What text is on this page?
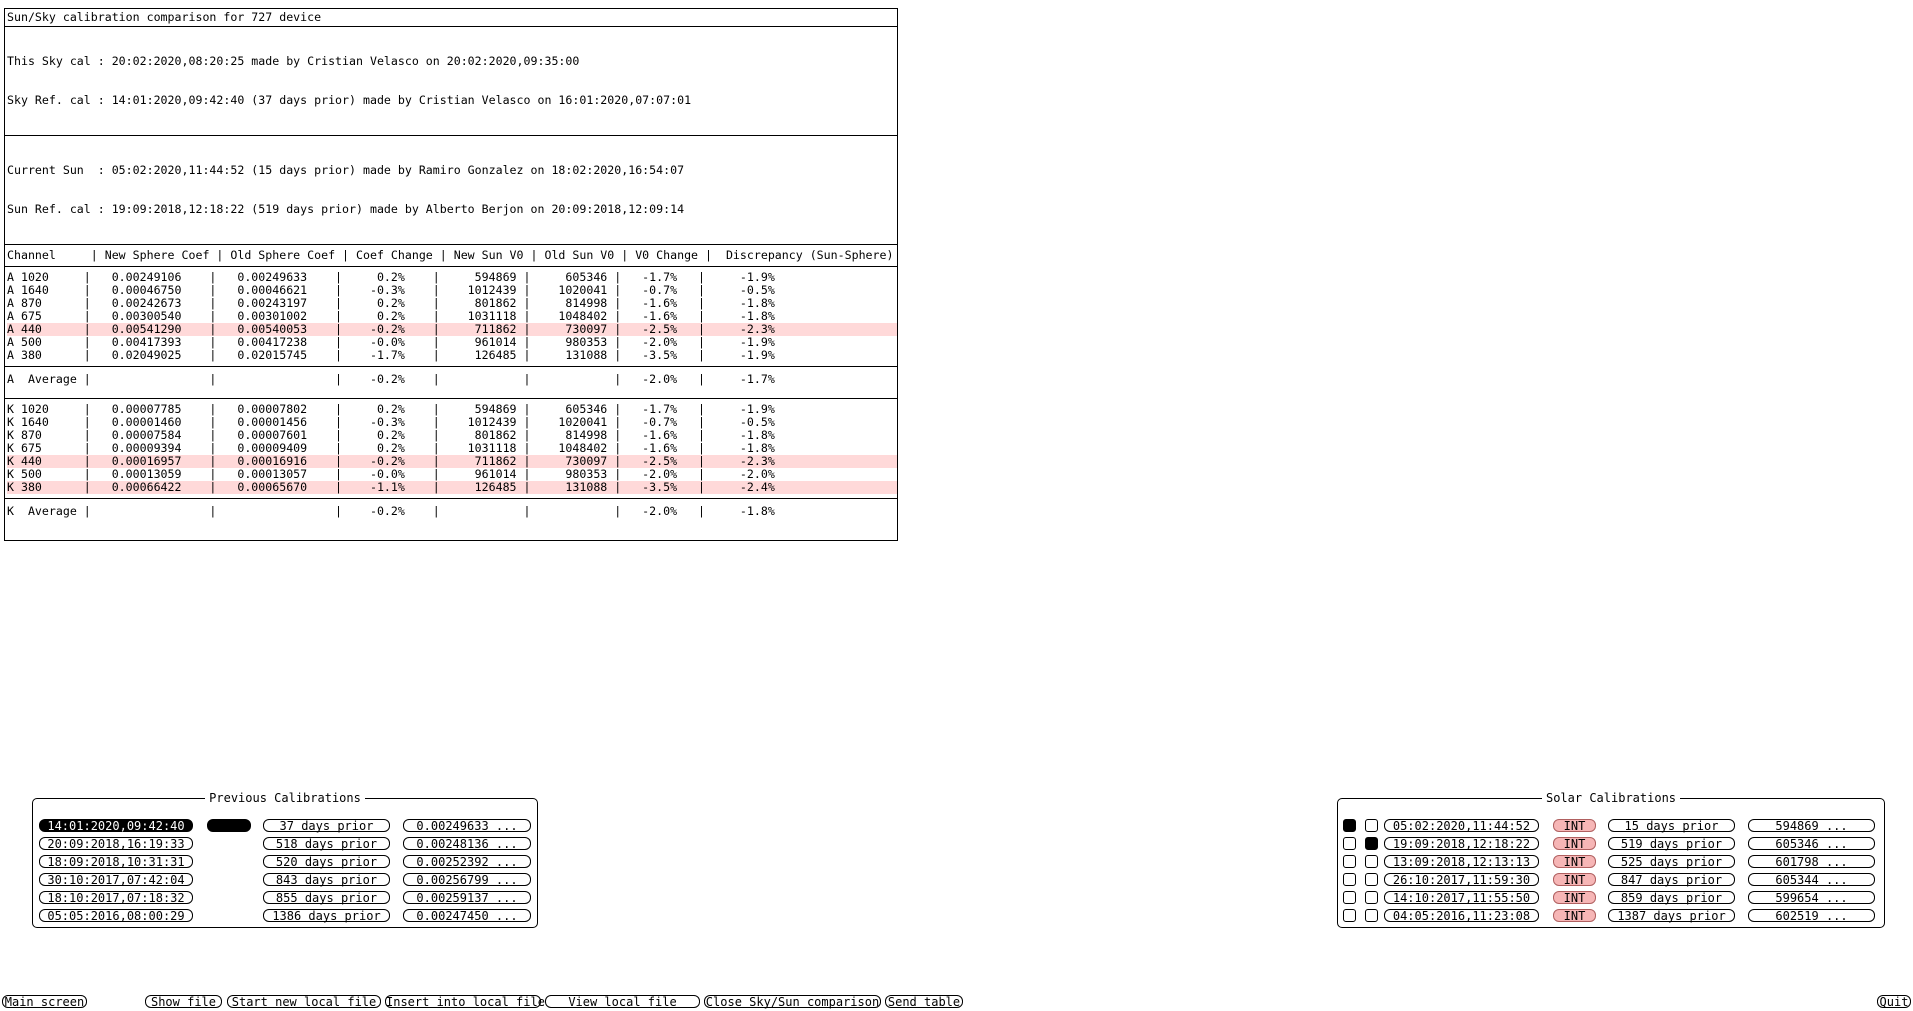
Sun/Sky calibration comparison for 727 device

This Sky cal : 20:02:2020,08:20:25 made by Cristian Velasco on 20:02:2020,09:35:00

Sky Ref. cal : 14:01:2020,09:42:40 (37 days prior) made by Cristian Velasco on 16:01:2020,07:07:01

Current Sun  : 05:02:2020,11:44:52 (15 days prior) made by Ramiro Gonzalez on 18:02:2020,16:54:07

Sun Ref. cal : 19:09:2018,12:18:22 (519 days prior) made by Alberto Berjon on 20:09:2018,12:09:14

Channel     | New Sphere Coef | Old Sphere Coef | Coef Change | New Sun V0 | Old Sun V0 | V0 Change |  Discrepancy (Sun-Sphere)
A 1020     |   0.00249106    |   0.00249633    |     0.2%    |     594869 |     605346 |   -1.7%   |     -1.9%
A 1640     |   0.00046750    |   0.00046621    |    -0.3%    |    1012439 |    1020041 |   -0.7%   |     -0.5%
A 870      |   0.00242673    |   0.00243197    |     0.2%    |     801862 |     814998 |   -1.6%   |     -1.8%
A 675      |   0.00300540    |   0.00301002    |     0.2%    |    1031118 |    1048402 |   -1.6%   |     -1.8%
A 440      |   0.00541290    |   0.00540053    |    -0.2%    |     711862 |     730097 |   -2.5%   |     -2.3%
A 500      |   0.00417393    |   0.00417238    |    -0.0%    |     961014 |     980353 |   -2.0%   |     -1.9%
A 380      |   0.02049025    |   0.02015745    |    -1.7%    |     126485 |     131088 |   -3.5%   |     -1.9%
A  Average |                 |                 |    -0.2%    |            |            |   -2.0%   |     -1.7%
K 1020     |   0.00007785    |   0.00007802    |     0.2%    |     594869 |     605346 |   -1.7%   |     -1.9%
K 1640     |   0.00001460    |   0.00001456    |    -0.3%    |    1012439 |    1020041 |   -0.7%   |     -0.5%
K 870      |   0.00007584    |   0.00007601    |     0.2%    |     801862 |     814998 |   -1.6%   |     -1.8%
K 675      |   0.00009394    |   0.00009409    |     0.2%    |    1031118 |    1048402 |   -1.6%   |     -1.8%
K 440      |   0.00016957    |   0.00016916    |    -0.2%    |     711862 |     730097 |   -2.5%   |     -2.3%
K 500      |   0.00013059    |   0.00013057    |    -0.0%    |     961014 |     980353 |   -2.0%   |     -2.0%
K 380      |   0.00066422    |   0.00065670    |    -1.1%    |     126485 |     131088 |   -3.5%   |     -2.4%
K  Average |                 |                 |    -0.2%    |            |            |   -2.0%   |     -1.8%
Previous Calibrations
14:01:2020,09:42:40	37 days prior	0.00249633 ...
20:09:2018,16:19:33	518 days prior	0.00248136 ...
18:09:2018,10:31:31	520 days prior	0.00252392 ...
30:10:2017,07:42:04	843 days prior	0.00256799 ...
18:10:2017,07:18:32	855 days prior	0.00259137 ...
05:05:2016,08:00:29	1386 days prior	0.00247450 ...
Solar Calibrations
05:02:2020,11:44:52	INT	15 days prior	594869 ...
19:09:2018,12:18:22	INT	519 days prior	605346 ...
13:09:2018,12:13:13	INT	525 days prior	601798 ...
26:10:2017,11:59:30	INT	847 days prior	605344 ...
14:10:2017,11:55:50	INT	859 days prior	599654 ...
04:05:2016,11:23:08	INT	1387 days prior	602519 ...
Main screen	Show file	Start new local file Insert into local file	View local file	Close Sky/Sun comparison Send table	Quit
